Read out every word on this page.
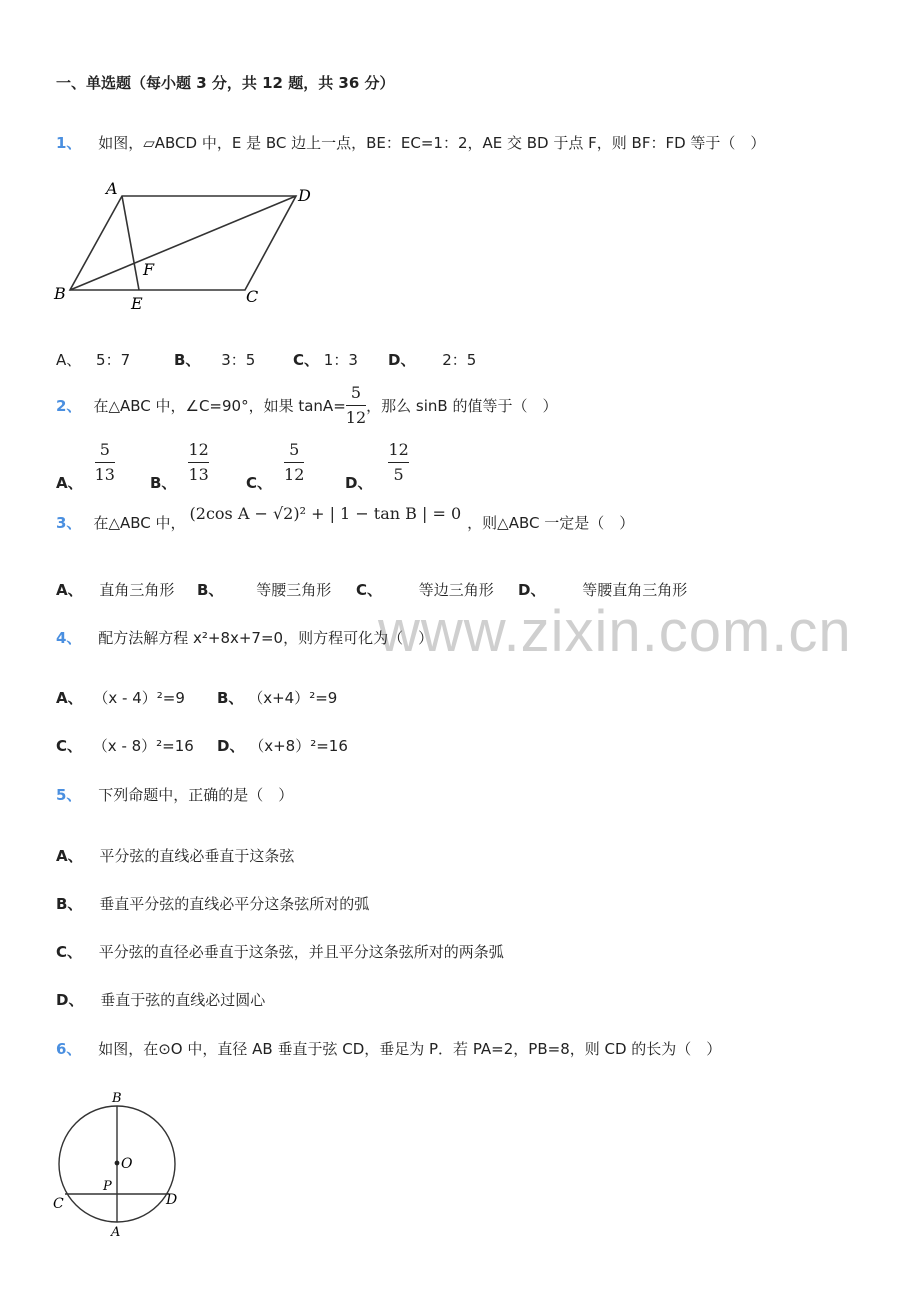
www.zixin.com.cn
一、单选题（每小题 3 分，共 12 题，共 36 分）
1、 如图，▱ABCD 中，E 是 BC 边上一点，BE：EC=1：2，AE 交 BD 于点 F，则 BF：FD 等于（　）
A	D
B
E	C
F
A、 5：7	B、 3：5	C、 1：3 D、 2：5
2、 在△ABC 中，∠C=90°，如果 $\tan A= \frac{5}{12}$ ，那么 sinB 的值等于（　）
A、 $\frac{5}{13}$ B、 $\frac{12}{13}$ C、 $\frac{5}{12}$	D、 $\frac{12}{5}$
3、 在△ABC 中， (2cos A − √2)² + | 1 − tan B | = 0 ，则△ABC 一定是（　）
A、 直角三角形 B、 等腰三角形 C、 等边三角形 D、 等腰直角三角形
4、 配方法解方程 x²+8x+7=0，则方程可化为（　）
A、 （x - 4）²=9 B、 （x+4）²=9
C、 （x - 8）²=16 D、 （x+8）²=16
5、 下列命题中，正确的是（　）
A、 平分弦的直线必垂直于这条弦
B、 垂直平分弦的直线必平分这条弦所对的弧
C、 平分弦的直径必垂直于这条弦，并且平分这条弦所对的两条弧
D、 垂直于弦的直线必过圆心
6、 如图，在⊙O 中，直径 AB 垂直于弦 CD，垂足为 P．若 PA=2，PB=8，则 CD 的长为（　）
B
O
P
C	D
A
